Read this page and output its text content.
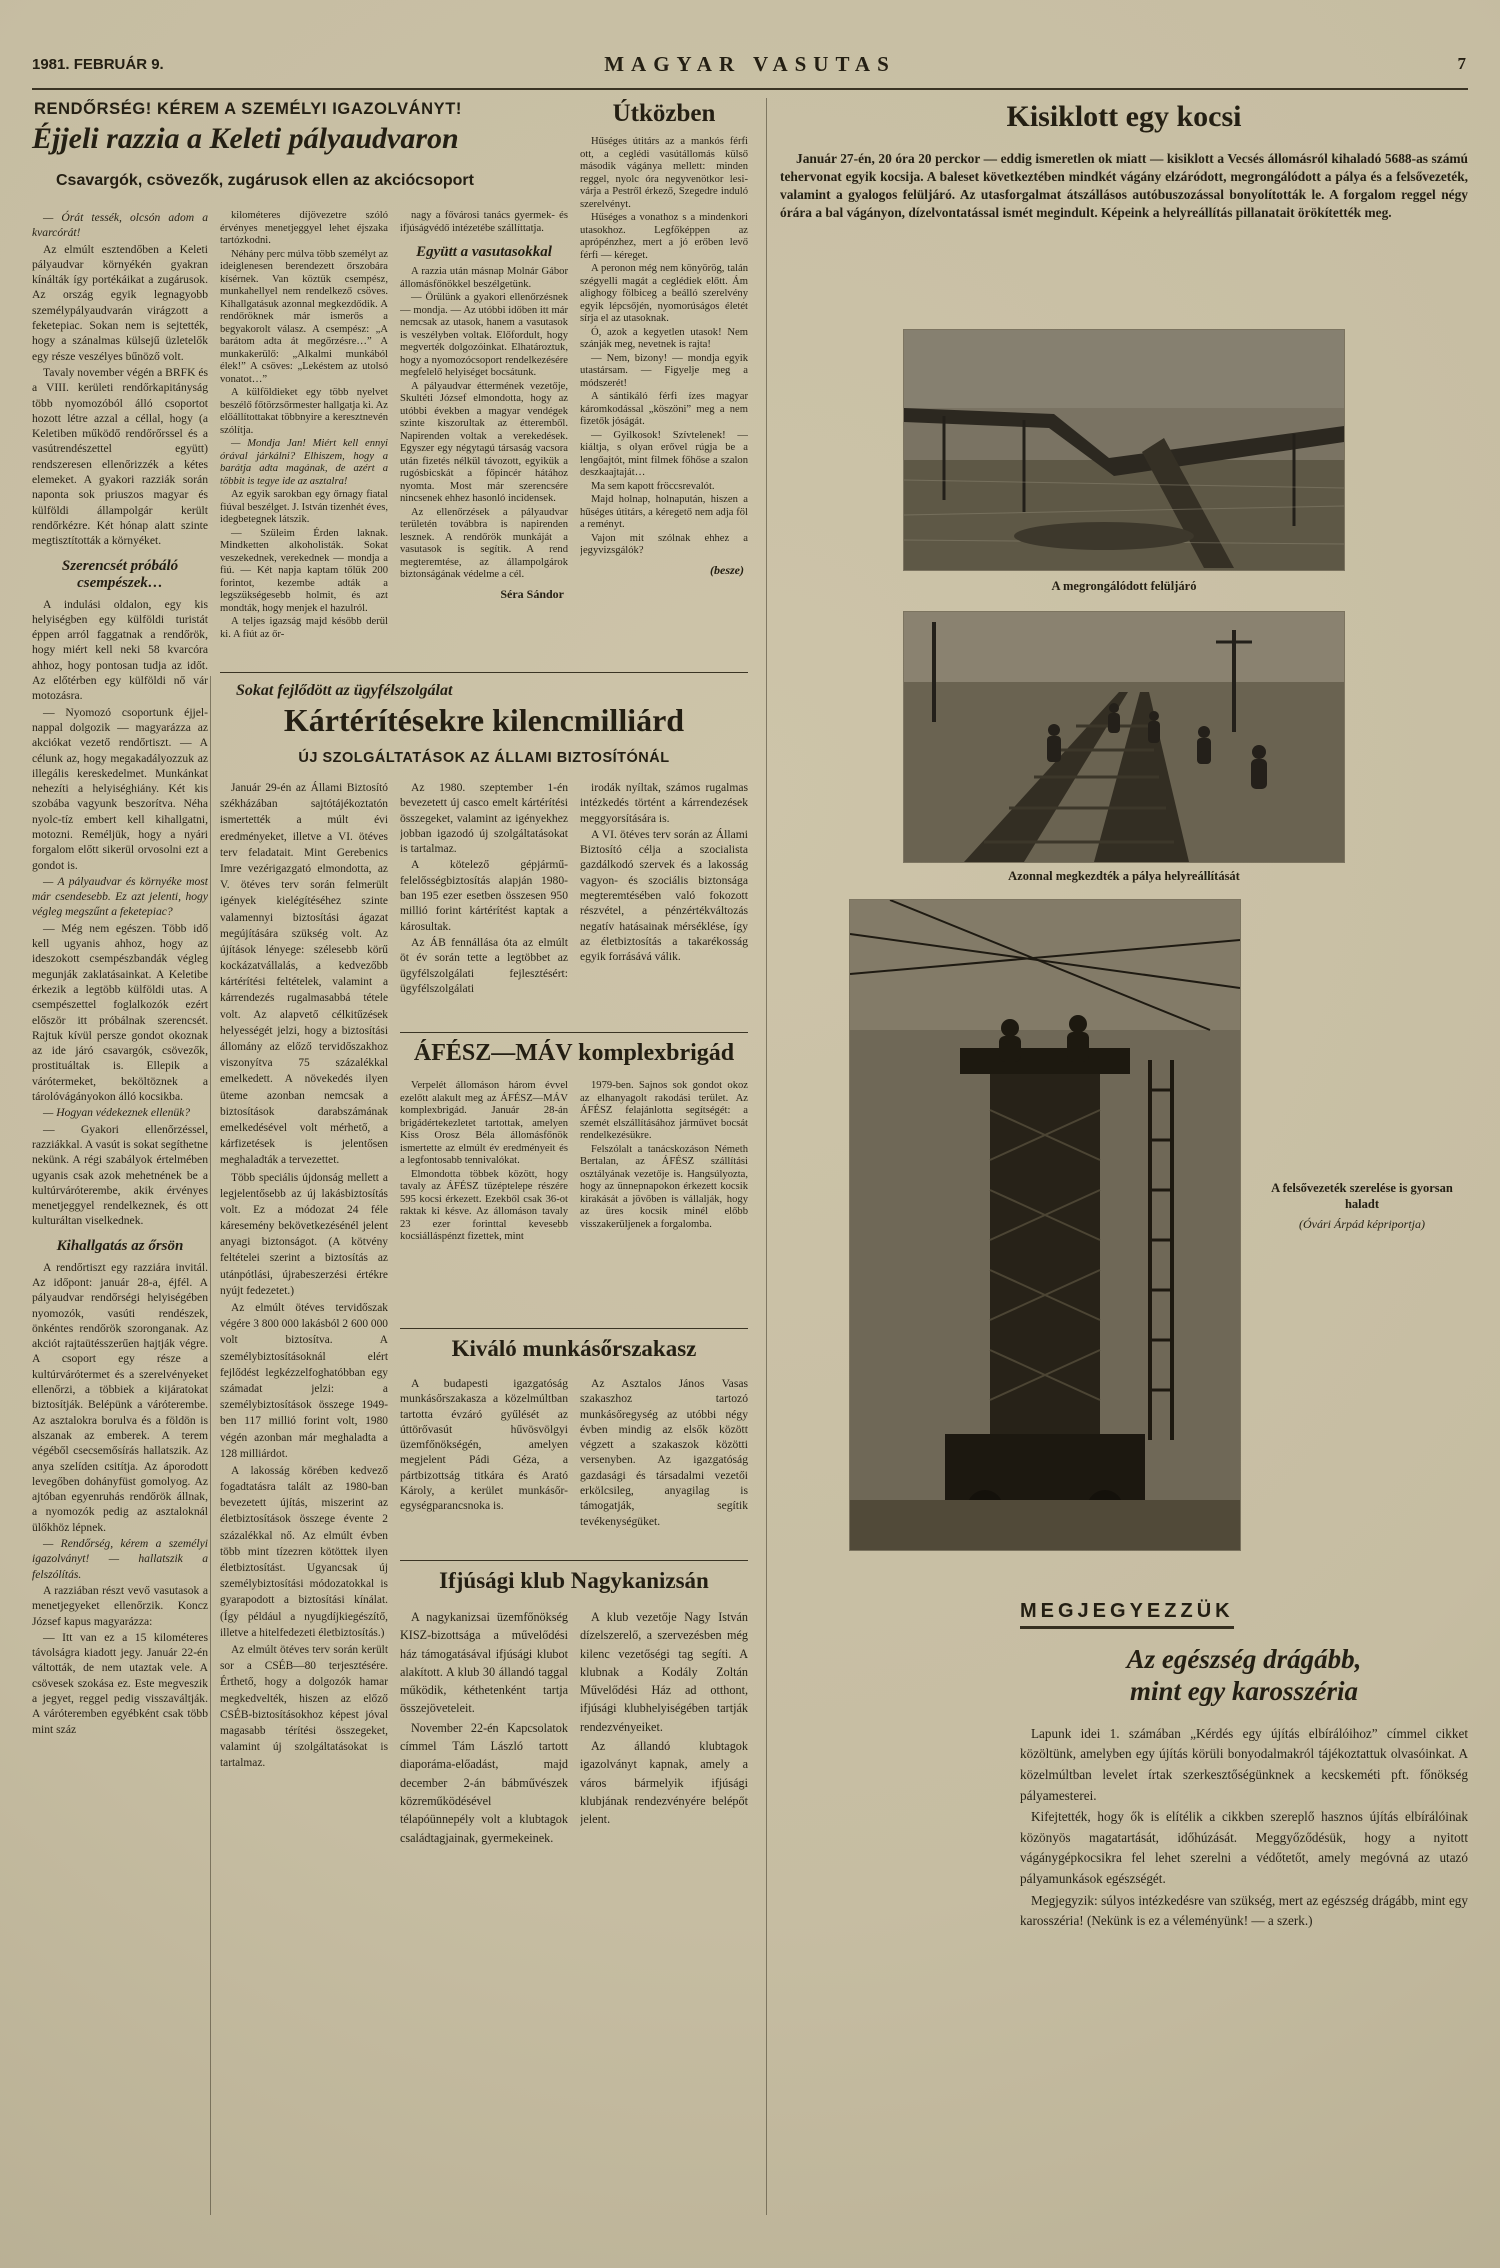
1981. FEBRUÁR 9.	MAGYAR VASUTAS	7
RENDŐRSÉG! KÉREM A SZEMÉLYI IGAZOLVÁNYT!
Éjjeli razzia a Keleti pályaudvaron
Csavargók, csövezők, zugárusok ellen az akciócsoport

— Órát tessék, olcsón adom a kvarcórát!

Az elmúlt esztendőben a Keleti pályaudvar környékén gyakran kínálták így portékáikat a zugárusok. Az ország egyik legnagyobb személypályaudvarán virágzott a feketepiac. Sokan nem is sejtették, hogy a szánalmas külsejű üzletelők egy része veszélyes bűnöző volt.

Tavaly november végén a BRFK és a VIII. kerületi rendőrkapitányság több nyomozóból álló csoportot hozott létre azzal a céllal, hogy (a Keletiben működő rendőrőrssel és a vasútrendészettel együtt) rendszeresen ellenőrizzék a kétes elemeket. A gyakori razziák során naponta sok priuszos magyar és külföldi állampolgár került rendőrkézre. Két hónap alatt szinte megtisztították a környéket.

Szerencsét próbáló csempészek…

A indulási oldalon, egy kis helyiségben egy külföldi turistát éppen arról faggatnak a rendőrök, hogy miért kell neki 58 kvarcóra ahhoz, hogy pontosan tudja az időt. Az előtérben egy külföldi nő vár motozásra.

— Nyomozó csoportunk éjjel-nappal dolgozik — magyarázza az akciókat vezető rendőrtiszt. — A célunk az, hogy megakadályozzuk az illegális kereskedelmet. Munkánkat nehezíti a helyiséghiány. Két kis szobába vagyunk beszorítva. Néha nyolc-tíz embert kell kihallgatni, motozni. Reméljük, hogy a nyári forgalom előtt sikerül orvosolni ezt a gondot is.

— A pályaudvar és környéke most már csendesebb. Ez azt jelenti, hogy végleg megszűnt a feketepiac?

— Még nem egészen. Több idő kell ugyanis ahhoz, hogy az ideszokott csempészbandák végleg megunják zaklatásainkat. A Keletibe érkezik a legtöbb külföldi utas. A csempészettel foglalkozók ezért először itt próbálnak szerencsét. Rajtuk kívül persze gondot okoznak az ide járó csavargók, csövezők, prostituáltak is. Ellepik a várótermeket, beköltöznek a tárolóvágányokon álló kocsikba.

— Hogyan védekeznek ellenük?

— Gyakori ellenőrzéssel, razziákkal. A vasút is sokat segíthetne nekünk. A régi szabályok értelmében ugyanis csak azok mehetnének be a kultúrváróterembe, akik érvényes menetjeggyel rendelkeznek, és ott kulturáltan viselkednek.

Kihallgatás az őrsön

A rendőrtiszt egy razziára invitál. Az időpont: január 28-a, éjfél. A pályaudvar rendőrségi helyiségében nyomozók, vasúti rendészek, önkéntes rendőrök szoronganak. Az akciót rajtaütésszerűen hajtják végre. A csoport egy része a kultúrvárótermet és a szerelvényeket ellenőrzi, a többiek a kijáratokat biztosítják. Belépünk a váróterembe. Az asztalokra borulva és a földön is alszanak az emberek. A terem végéből csecsemősírás hallatszik. Az anya szelíden csitítja. Az áporodott levegőben dohányfüst gomolyog. Az ajtóban egyenruhás rendőrök állnak, a nyomozók pedig az asztaloknál ülőkhöz lépnek.

— Rendőrség, kérem a személyi igazolványt! — hallatszik a felszólítás.

A razziában részt vevő vasutasok a menetjegyeket ellenőrzik. Koncz József kapus magyarázza:

— Itt van ez a 15 kilométeres távolságra kiadott jegy. Január 22-én váltották, de nem utaztak vele. A csövesek szokása ez. Este megveszik a jegyet, reggel pedig visszaváltják. A váróteremben egyébként csak több mint száz

kilométeres díjövezetre szóló érvényes menetjeggyel lehet éjszaka tartózkodni.

Néhány perc múlva több személyt az ideiglenesen berendezett őrszobára kísérnek. Van köztük csempész, munkahellyel nem rendelkező csöves. Kihallgatásuk azonnal megkezdődik. A rendőröknek már ismerős a begyakorolt válasz. A csempész: „A barátom adta át megőrzésre…” A munkakerülő: „Alkalmi munkából élek!” A csöves: „Lekéstem az utolsó vonatot…”

A külföldieket egy több nyelvet beszélő főtörzsőrmester hallgatja ki. Az előállítottakat többnyire a keresztnevén szólítja.

— Mondja Jan! Miért kell ennyi órával járkálni? Elhiszem, hogy a barátja adta magának, de azért a többit is tegye ide az asztalra!

Az egyik sarokban egy őrnagy fiatal fiúval beszélget. J. István tizenhét éves, idegbetegnek látszik.

— Szüleim Érden laknak. Mindketten alkoholisták. Sokat veszekednek, verekednek — mondja a fiú. — Két napja kaptam tőlük 200 forintot, kezembe adták a legszükségesebb holmit, és azt mondták, hogy menjek el hazulról.

A teljes igazság majd később derül ki. A fiút az őr-

nagy a fővárosi tanács gyermek- és ifjúságvédő intézetébe szállíttatja.

Együtt a vasutasokkal

A razzia után másnap Molnár Gábor állomásfőnökkel beszélgetünk.

— Örülünk a gyakori ellenőrzésnek — mondja. — Az utóbbi időben itt már nemcsak az utasok, hanem a vasutasok is veszélyben voltak. Előfordult, hogy megverték dolgozóinkat. Elhatároztuk, hogy a nyomozócsoport rendelkezésére megfelelő helyiséget bocsátunk.

A pályaudvar éttermének vezetője, Skultéti József elmondotta, hogy az utóbbi években a magyar vendégek szinte kiszorultak az étteremből. Napirenden voltak a verekedések. Egyszer egy négytagú társaság vacsora után fizetés nélkül távozott, egyikük a rugósbicskát a főpincér hátához nyomta. Most már szerencsére nincsenek ehhez hasonló incidensek.

Az ellenőrzések a pályaudvar területén továbbra is napirenden lesznek. A rendőrök munkáját a vasutasok is segítik. A rend megteremtése, az állampolgárok biztonságának védelme a cél.

Séra Sándor
Útközben

Hűséges útitárs az a mankós férfi ott, a ceglédi vasútállomás külső második vágánya mellett: minden reggel, nyolc óra negyvenötkor lesi-várja a Pestről érkező, Szegedre induló szerelvényt.

Hűséges a vonathoz s a mindenkori utasokhoz. Legfőképpen az aprópénzhez, mert a jó erőben levő férfi — kéreget.

A peronon még nem könyörög, talán szégyelli magát a ceglédiek előtt. Ám alighogy fölbiceg a beálló szerelvény egyik lépcsőjén, nyomorúságos életét sírja el az utasoknak.

Ó, azok a kegyetlen utasok! Nem szánják meg, nevetnek is rajta!

— Nem, bizony! — mondja egyik utastársam. — Figyelje meg a módszerét!

A sántikáló férfi ízes magyar káromkodással „köszöni” meg a nem fizetők jóságát.

— Gyilkosok! Szívtelenek! — kiáltja, s olyan erővel rúgja be a lengőajtót, mint filmek főhőse a szalon deszkaajtaját…

Ma sem kapott fröccsrevalót.

Majd holnap, holnapután, hiszen a hűséges útitárs, a kéregető nem adja föl a reményt.

Vajon mit szólnak ehhez a jegyvizsgálók?

(besze)
Kisiklott egy kocsi

Január 27-én, 20 óra 20 perckor — eddig ismeretlen ok miatt — kisiklott a Vecsés állomásról kihaladó 5688-as számú tehervonat egyik kocsija. A baleset következtében mindkét vágány elzáródott, megrongálódott a pálya és a felsővezeték, valamint a gyalogos felüljáró. Az utasforgalmat átszállásos autóbuszozással bonyolították le. A forgalom reggel négy órára a bal vágányon, dízelvontatással ismét megindult. Képeink a helyreállítás pillanatait örökítették meg.

A megrongálódott felüljáró
Azonnal megkezdték a pálya helyreállítását
A felsővezeték szerelése is gyorsan haladt
(Óvári Árpád képriportja)
MEGJEGYEZZÜK
Az egészség drágább,
mint egy karosszéria

Lapunk idei 1. számában „Kérdés egy újítás elbírálóihoz” címmel cikket közöltünk, amelyben egy újítás körüli bonyodalmakról tájékoztattuk olvasóinkat. A közelmúltban levelet írtak szerkesztőségünknek a kecskeméti pft. főnökség pályamesterei.

Kifejtették, hogy ők is elítélik a cikkben szereplő hasznos újítás elbírálóinak közönyös magatartását, időhúzását. Meggyőződésük, hogy a nyitott vágánygépkocsikra fel lehet szerelni a védőtetőt, amely megóvná az utazó pályamunkások egészségét.

Megjegyzik: súlyos intézkedésre van szükség, mert az egészség drágább, mint egy karosszéria! (Nekünk is ez a véleményünk! — a szerk.)

Sokat fejlődött az ügyfélszolgálat
Kártérítésekre kilencmilliárd
ÚJ SZOLGÁLTATÁSOK AZ ÁLLAMI BIZTOSÍTÓNÁL

Január 29-én az Állami Biztosító székházában sajtótájékoztatón ismertették a múlt évi eredményeket, illetve a VI. ötéves terv feladatait. Mint Gerebenics Imre vezérigazgató elmondotta, az V. ötéves terv során felmerült igények kielégítéséhez szinte valamennyi biztosítási ágazat megújítására szükség volt. Az újítások lényege: szélesebb körű kockázatvállalás, a kedvezőbb kártérítési feltételek, valamint a kárrendezés rugalmasabbá tétele volt. Az alapvető célkitűzések helyességét jelzi, hogy a biztosítási állomány az előző tervidőszakhoz viszonyítva 75 százalékkal emelkedett. A növekedés ilyen üteme azonban nemcsak a biztosítások darabszámának emelkedésével volt mérhető, a kárfizetések is jelentősen meghaladták a tervezettet.

Több speciális újdonság mellett a legjelentősebb az új lakásbiztosítás volt. Ez a módozat 24 féle káresemény bekövetkezésénél jelent anyagi biztonságot. (A kötvény feltételei szerint a biztosítás az utánpótlási, újrabeszerzési értékre nyújt fedezetet.)

Az elmúlt ötéves tervidőszak végére 3 800 000 lakásból 2 600 000 volt biztosítva. A személybiztosításoknál elért fejlődést legkézzelfoghatóbban egy számadat jelzi: a személybiztosítások összege 1949-ben 117 millió forint volt, 1980 végén azonban már meghaladta a 128 milliárdot.

A lakosság körében kedvező fogadtatásra talált az 1980-ban bevezetett újítás, miszerint az életbiztosítások összege évente 2 százalékkal nő. Az elmúlt évben több mint tízezren kötöttek ilyen életbiztosítást. Ugyancsak új személybiztosítási módozatokkal is gyarapodott a biztosítási kínálat. (Így például a nyugdíjkiegészítő, illetve a hitelfedezeti életbiztosítás.)

Az elmúlt ötéves terv során került sor a CSÉB—80 terjesztésére. Érthető, hogy a dolgozók hamar megkedvelték, hiszen az előző CSÉB-biztosításokhoz képest jóval magasabb térítési összegeket, valamint új szolgáltatásokat is tartalmaz.

Az 1980. szeptember 1-én bevezetett új casco emelt kártérítési összegeket, valamint az igényekhez jobban igazodó új szolgáltatásokat is tartalmaz.

A kötelező gépjármű-felelősségbiztosítás alapján 1980-ban 195 ezer esetben összesen 950 millió forint kártérítést kaptak a károsultak.

Az ÁB fennállása óta az elmúlt öt év során tette a legtöbbet az ügyfélszolgálati fejlesztésért: ügyfélszolgálati

irodák nyíltak, számos rugalmas intézkedés történt a kárrendezések meggyorsítására is.

A VI. ötéves terv során az Állami Biztosító célja a szocialista gazdálkodó szervek és a lakosság vagyon- és szociális biztonsága megteremtésében való fokozott részvétel, a pénzértékváltozás negatív hatásainak mérséklése, így az életbiztosítás a takarékosság egyik forrásává válik.

ÁFÉSZ—MÁV komplexbrigád

Verpelét állomáson három évvel ezelőtt alakult meg az ÁFÉSZ—MÁV komplexbrigád. Január 28-án brigádértekezletet tartottak, amelyen Kiss Orosz Béla állomásfőnök ismertette az elmúlt év eredményeit és a legfontosabb tennivalókat.

Elmondotta többek között, hogy tavaly az ÁFÉSZ tüzéptelepe részére 595 kocsi érkezett. Ezekből csak 36-ot raktak ki késve. Az állomáson tavaly 23 ezer forinttal kevesebb kocsiálláspénzt fizettek, mint

1979-ben. Sajnos sok gondot okoz az elhanyagolt rakodási terület. Az ÁFÉSZ felajánlotta segítségét: a szemét elszállításához járművet bocsát rendelkezésükre.

Felszólalt a tanácskozáson Németh Bertalan, az ÁFÉSZ szállítási osztályának vezetője is. Hangsúlyozta, hogy az ünnepnapokon érkezett kocsik kirakását a jövőben is vállalják, hogy az üres kocsik minél előbb visszakerüljenek a forgalomba.

Kiváló munkásőrszakasz

A budapesti igazgatóság munkásőrszakasza a közelmúltban tartotta évzáró gyűlését az úttörővasút hűvösvölgyi üzemfőnökségén, amelyen megjelent Pádi Géza, a pártbizottság titkára és Arató Károly, a kerület munkásőr-egységparancsnoka is.

Az Asztalos János Vasas szakaszhoz tartozó munkásőregység az utóbbi négy évben mindig az elsők között végzett a szakaszok közötti versenyben. Az igazgatóság gazdasági és társadalmi vezetői erkölcsileg, anyagilag is támogatják, segítik tevékenységüket.

Ifjúsági klub Nagykanizsán

A nagykanizsai üzemfőnökség KISZ-bizottsága a művelődési ház támogatásával ifjúsági klubot alakított. A klub 30 állandó taggal működik, kéthetenként tartja összejöveteleit.

November 22-én Kapcsolatok címmel Tám László tartott diaporáma-előadást, majd december 2-án bábművészek közreműködésével télapóünnepély volt a klubtagok családtagjainak, gyermekeinek.

A klub vezetője Nagy István dízelszerelő, a szervezésben még kilenc vezetőségi tag segíti. A klubnak a Kodály Zoltán Művelődési Ház ad otthont, ifjúsági klubhelyiségében tartják rendezvényeiket.

Az állandó klubtagok igazolványt kapnak, amely a város bármelyik ifjúsági klubjának rendezvényére belépőt jelent.
